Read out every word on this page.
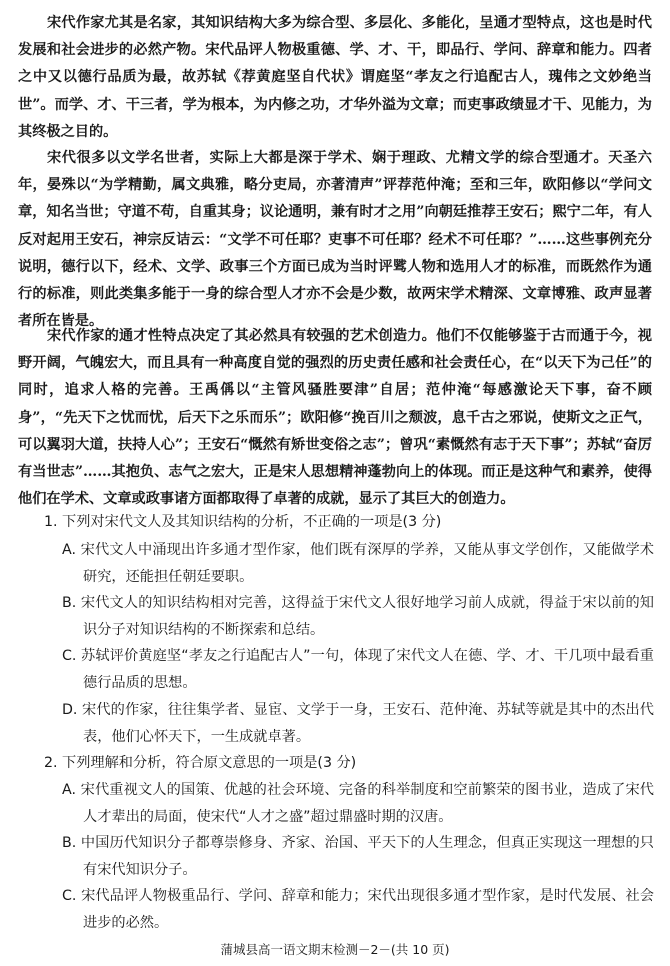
宋代作家尤其是名家，其知识结构大多为综合型、多层化、多能化，呈通才型特点，这也是时代发展和社会进步的必然产物。宋代品评人物极重德、学、才、干，即品行、学问、辞章和能力。四者之中又以德行品质为最，故苏轼《荐黄庭坚自代状》谓庭坚“孝友之行追配古人，瑰伟之文妙绝当世”。而学、才、干三者，学为根本，为内修之功，才华外溢为文章；而吏事政绩显才干、见能力，为其终极之目的。
宋代很多以文学名世者，实际上大都是深于学术、娴于理政、尤精文学的综合型通才。天圣六年，晏殊以“为学精勤，属文典雅，略分吏局，亦著清声”评荐范仲淹；至和三年，欧阳修以“学问文章，知名当世；守道不苟，自重其身；议论通明，兼有时才之用”向朝廷推荐王安石；熙宁二年，有人反对起用王安石，神宗反诘云：“文学不可任耶？吏事不可任耶？经术不可任耶？”……这些事例充分说明，德行以下，经术、文学、政事三个方面已成为当时评骘人物和选用人才的标准，而既然作为通行的标准，则此类集多能于一身的综合型人才亦不会是少数，故两宋学术精深、文章博雅、政声显著者所在皆是。
宋代作家的通才性特点决定了其必然具有较强的艺术创造力。他们不仅能够鉴于古而通于今，视野开阔，气魄宏大，而且具有一种高度自觉的强烈的历史责任感和社会责任心，在“以天下为己任”的同时，追求人格的完善。王禹偁以“主管风骚胜要津”自居；范仲淹“每感激论天下事，奋不顾身”，“先天下之忧而忧，后天下之乐而乐”；欧阳修“挽百川之颓波，息千古之邪说，使斯文之正气，可以翼羽大道，扶持人心”；王安石“慨然有矫世变俗之志”；曾巩“素慨然有志于天下事”；苏轼“奋厉有当世志”……其抱负、志气之宏大，正是宋人思想精神蓬勃向上的体现。而正是这种气和素养，使得他们在学术、文章或政事诸方面都取得了卓著的成就，显示了其巨大的创造力。
1. 下列对宋代文人及其知识结构的分析，不正确的一项是(3 分)
A. 宋代文人中涌现出许多通才型作家，他们既有深厚的学养，又能从事文学创作，又能做学术研究，还能担任朝廷要职。
B. 宋代文人的知识结构相对完善，这得益于宋代文人很好地学习前人成就，得益于宋以前的知识分子对知识结构的不断探索和总结。
C. 苏轼评价黄庭坚“孝友之行追配古人”一句，体现了宋代文人在德、学、才、干几项中最看重德行品质的思想。
D. 宋代的作家，往往集学者、显宦、文学于一身，王安石、范仲淹、苏轼等就是其中的杰出代表，他们心怀天下，一生成就卓著。
2. 下列理解和分析，符合原文意思的一项是(3 分)
A. 宋代重视文人的国策、优越的社会环境、完备的科举制度和空前繁荣的图书业，造成了宋代人才辈出的局面，使宋代“人才之盛”超过鼎盛时期的汉唐。
B. 中国历代知识分子都尊崇修身、齐家、治国、平天下的人生理念，但真正实现这一理想的只有宋代知识分子。
C. 宋代品评人物极重品行、学问、辞章和能力；宋代出现很多通才型作家，是时代发展、社会进步的必然。
蒲城县高一语文期末检测－2－(共 10 页)
